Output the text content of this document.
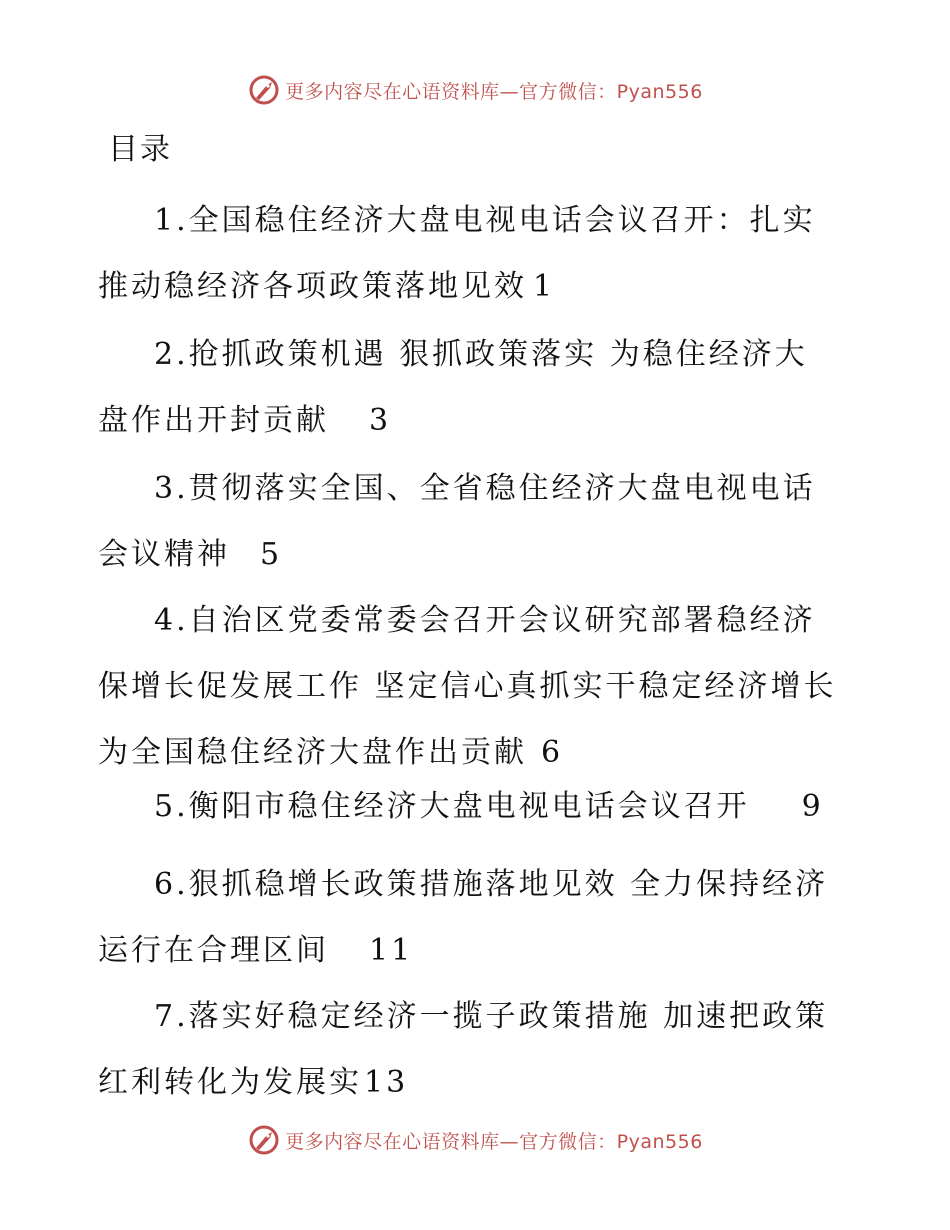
更多内容尽在心语资料库—官方微信：Pyan556
目录

1.全国稳住经济大盘电视电话会议召开：扎实推动稳经济各项政策落地见效 1

2.抢抓政策机遇 狠抓政策落实 为稳住经济大盘作出开封贡献 3

3.贯彻落实全国、全省稳住经济大盘电视电话会议精神 5

4.自治区党委常委会召开会议研究部署稳经济保增长促发展工作 坚定信心真抓实干稳定经济增长为全国稳住经济大盘作出贡献 6

5.衡阳市稳住经济大盘电视电话会议召开 9

6.狠抓稳增长政策措施落地见效 全力保持经济运行在合理区间 11

7.落实好稳定经济一揽子政策措施 加速把政策红利转化为发展实13

更多内容尽在心语资料库—官方微信：Pyan556
